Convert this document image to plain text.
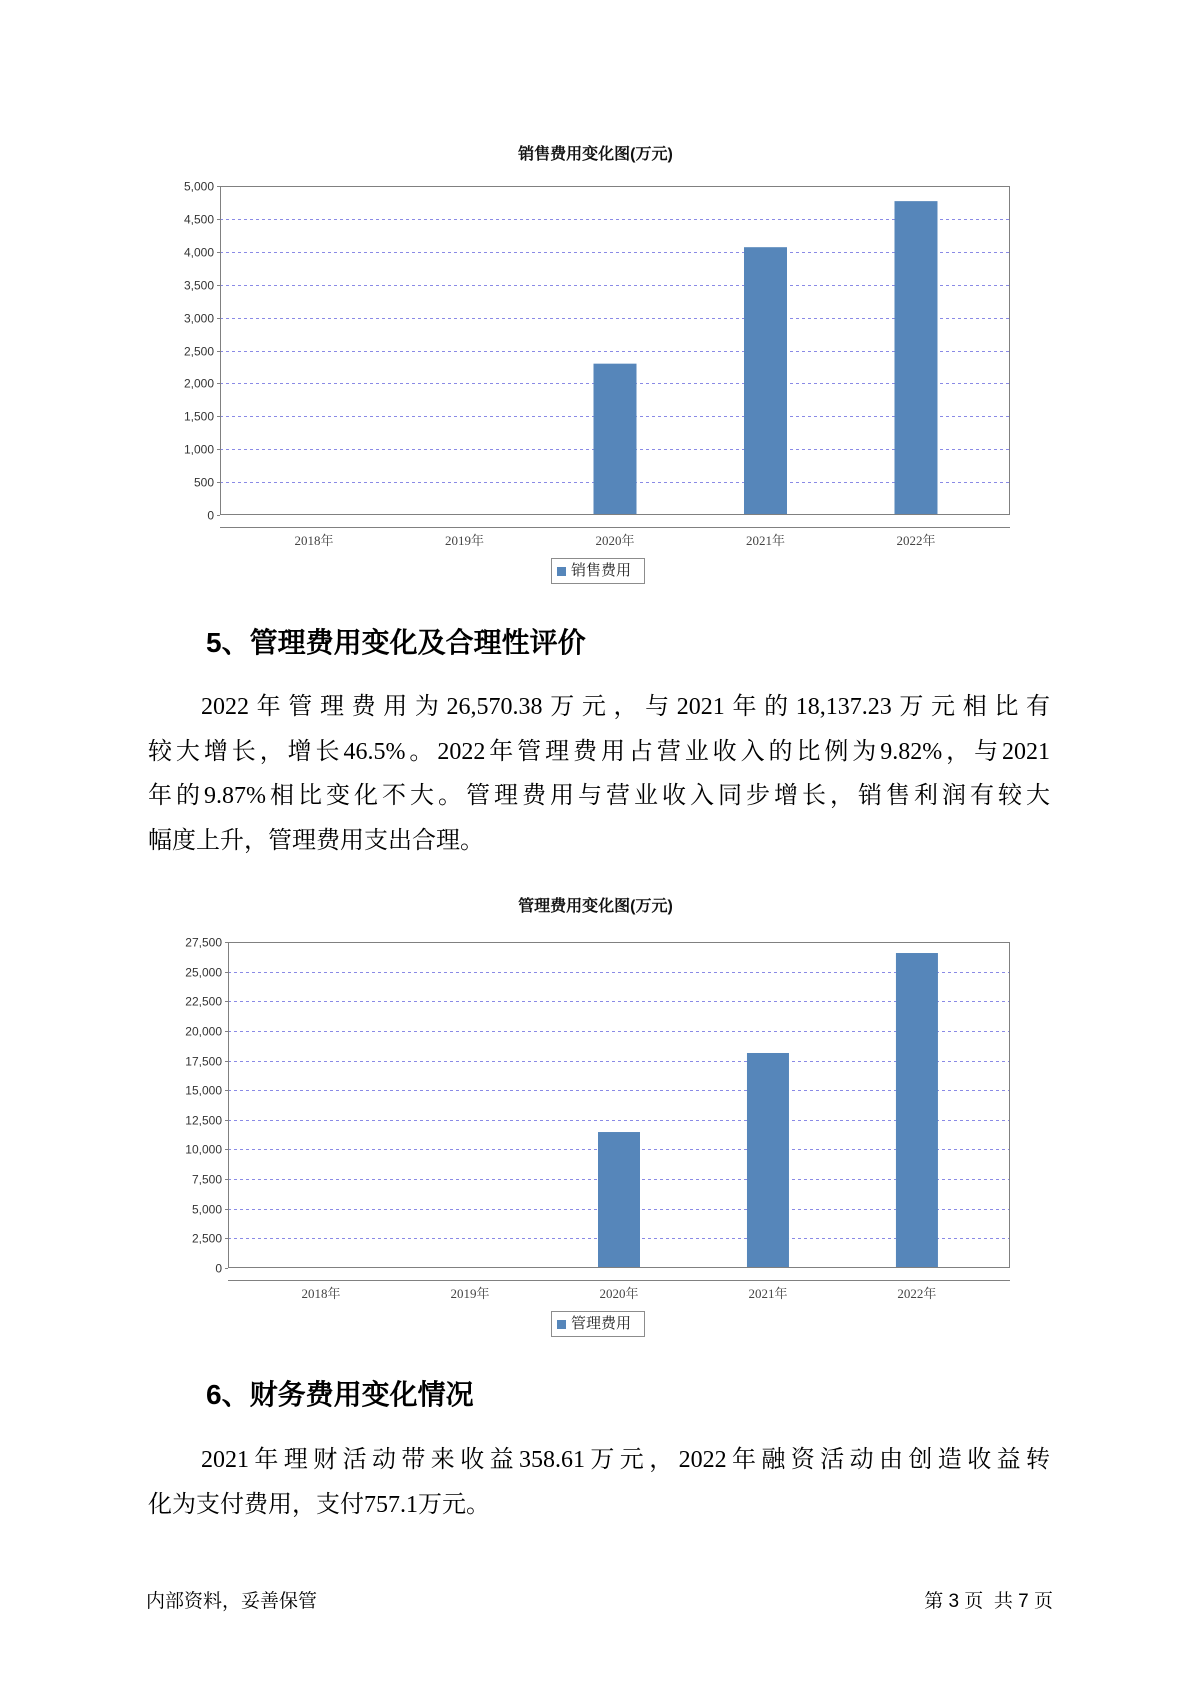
销售费用变化图(万元)
0
500
1,000
1,500
2,000
2,500
3,000
3,500
4,000
4,500
5,000
2018年	2019年	2020年	2021年	2022年
销售费用
5、管理费用变化及合理性评价
2022年管理费用为26,570.38万元，与2021年的18,137.23万元相比有
较大增长，增长46.5%。2022年管理费用占营业收入的比例为9.82%，与2021
年的9.87%相比变化不大。管理费用与营业收入同步增长，销售利润有较大
幅度上升，管理费用支出合理。
管理费用变化图(万元)
0
2,500
5,000
7,500
10,000
12,500
15,000
17,500
20,000
22,500
25,000
27,500
2018年	2019年	2020年	2021年	2022年
管理费用
6、财务费用变化情况
2021年理财活动带来收益358.61万元，2022年融资活动由创造收益转
化为支付费用，支付757.1万元。
内部资料，妥善保管	第 3 页  共 7 页
